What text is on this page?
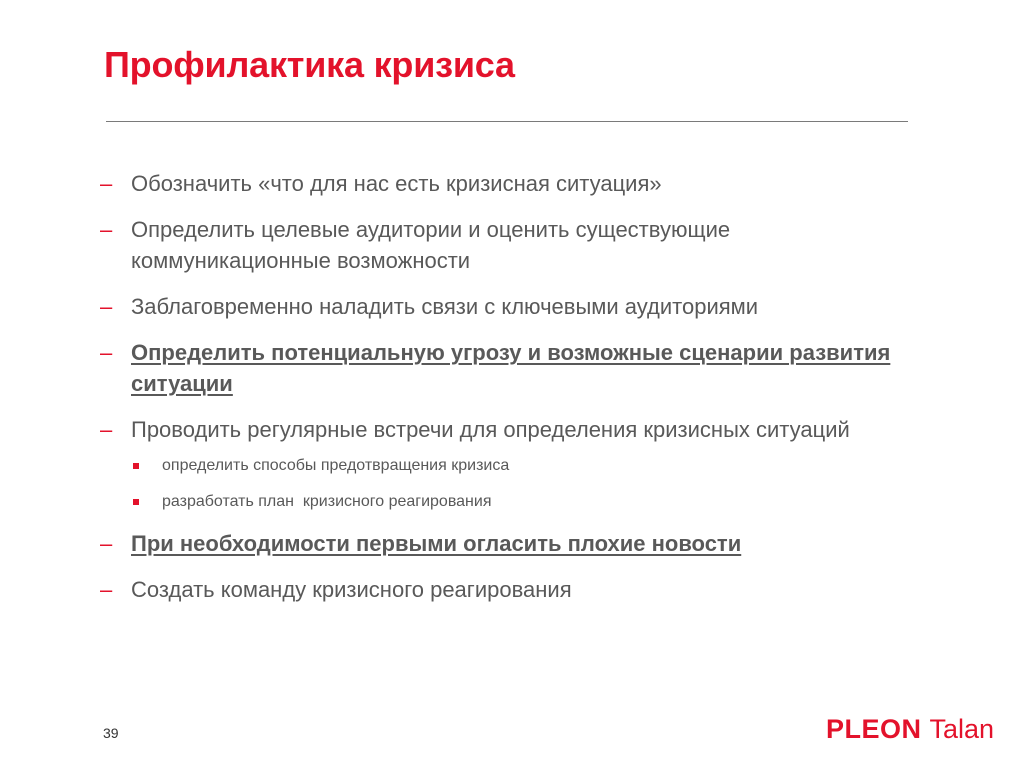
Профилактика кризиса
– Обозначить «что для нас есть кризисная ситуация»
– Определить целевые аудитории и оценить существующие коммуникационные возможности
– Заблаговременно наладить связи с ключевыми аудиториями
– Определить потенциальную угрозу и возможные сценарии развития ситуации
– Проводить регулярные встречи для определения кризисных ситуаций
определить способы предотвращения кризиса
разработать план  кризисного реагирования
– При необходимости первыми огласить плохие новости
– Создать команду кризисного реагирования
39	PLEON Talan
